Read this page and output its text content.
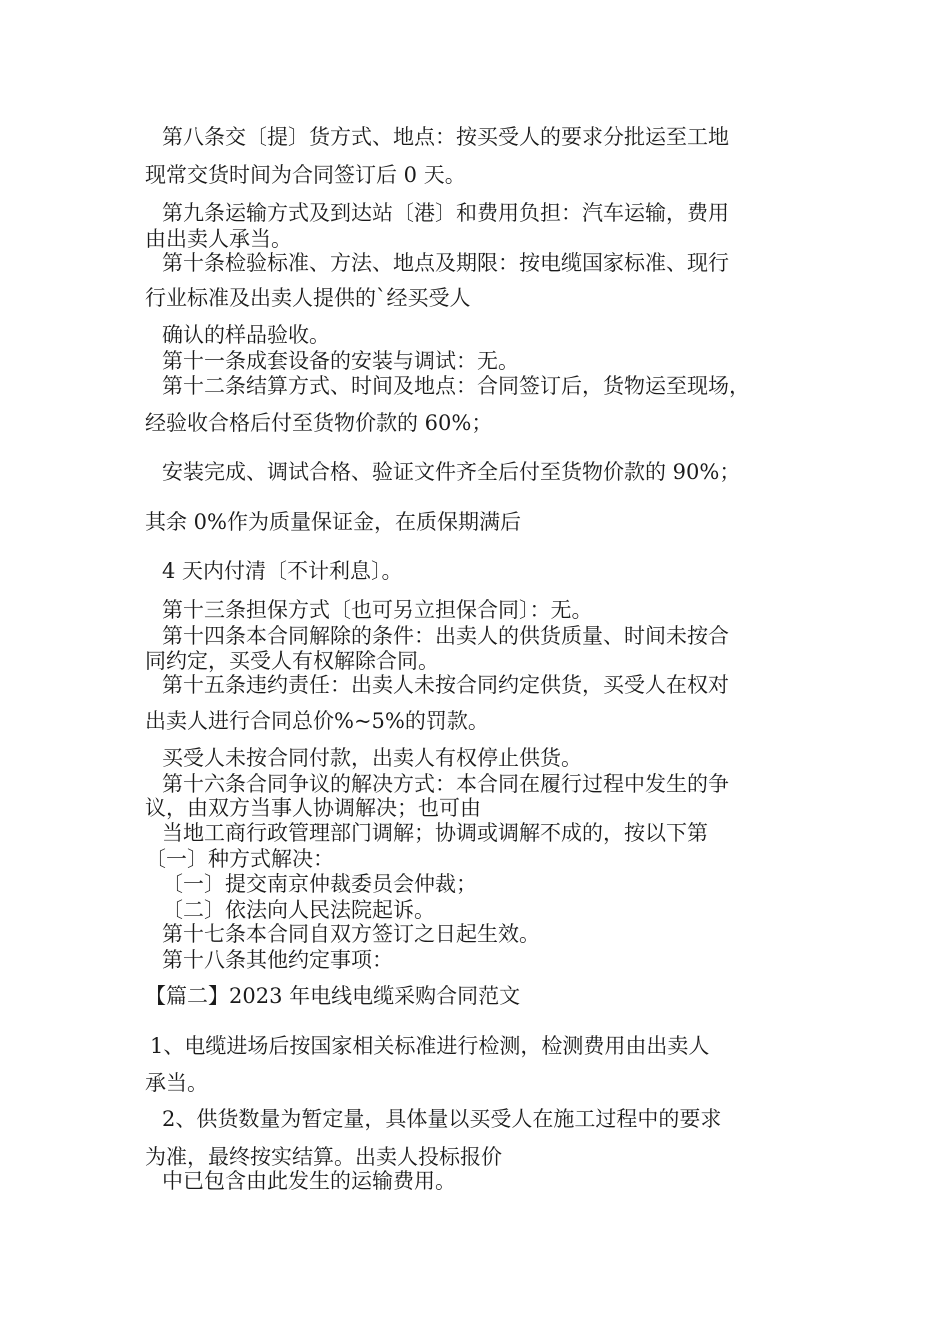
第八条交〔提〕货方式、地点：按买受人的要求分批运至工地
现常交货时间为合同签订后 0 天。
第九条运输方式及到达站〔港〕和费用负担：汽车运输，费用
由出卖人承当。
第十条检验标准、方法、地点及期限：按电缆国家标准、现行
行业标准及出卖人提供的`经买受人
确认的样品验收。
第十一条成套设备的安装与调试：无。
第十二条结算方式、时间及地点：合同签订后，货物运至现场，
经验收合格后付至货物价款的 60%；
安装完成、调试合格、验证文件齐全后付至货物价款的 90%；
其余 0%作为质量保证金，在质保期满后
4 天内付清〔不计利息〕。
第十三条担保方式〔也可另立担保合同〕：无。
第十四条本合同解除的条件：出卖人的供货质量、时间未按合
同约定，买受人有权解除合同。
第十五条违约责任：出卖人未按合同约定供货，买受人在权对
出卖人进行合同总价%~5%的罚款。
买受人未按合同付款，出卖人有权停止供货。
第十六条合同争议的解决方式：本合同在履行过程中发生的争
议，由双方当事人协调解决；也可由
当地工商行政管理部门调解；协调或调解不成的，按以下第
〔一〕种方式解决：
〔一〕提交南京仲裁委员会仲裁；
〔二〕依法向人民法院起诉。
第十七条本合同自双方签订之日起生效。
第十八条其他约定事项：
【篇二】2023 年电线电缆采购合同范文
1、电缆进场后按国家相关标准进行检测，检测费用由出卖人
承当。
2、供货数量为暂定量，具体量以买受人在施工过程中的要求
为准，最终按实结算。出卖人投标报价
中已包含由此发生的运输费用。
